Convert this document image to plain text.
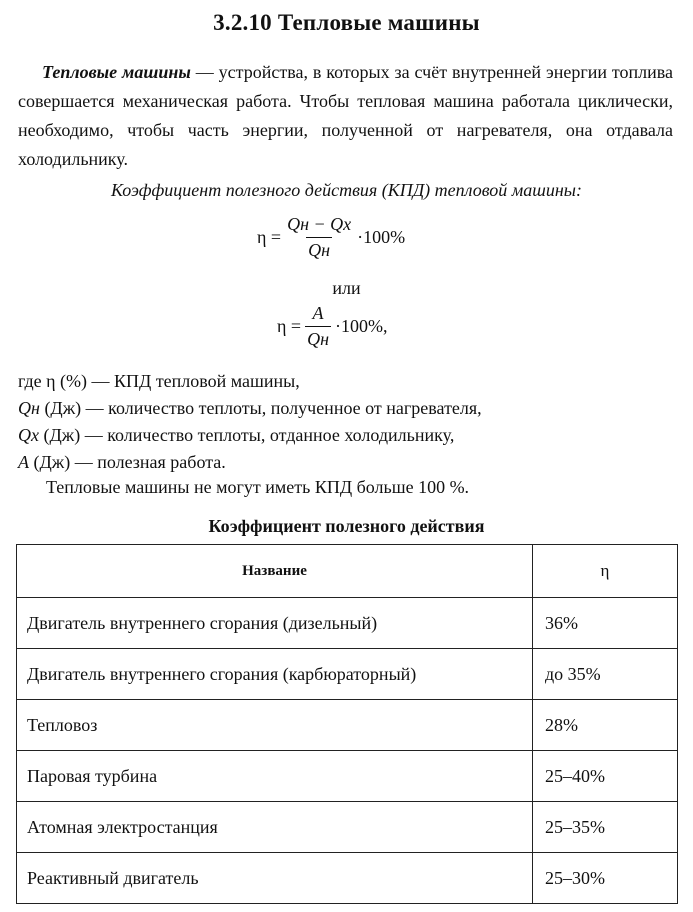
3.2.10 Тепловые машины
Тепловые машины — устройства, в которых за счёт внутренней энергии топлива совершается механическая работа. Чтобы тепловая машина работала циклически, необходимо, чтобы часть энергии, полученной от нагревателя, она отдавала холодильнику.
Коэффициент полезного действия (КПД) тепловой машины:
$\eta = \frac{Qн - Qх}{Qн} \cdot 100\%$
или
$\eta = \frac{A}{Qн} \cdot 100\%$,
где η (%) — КПД тепловой машины,
Qн (Дж) — количество теплоты, полученное от нагревателя,
Qх (Дж) — количество теплоты, отданное холодильнику,
A (Дж) — полезная работа.
Тепловые машины не могут иметь КПД больше 100 %.
Коэффициент полезного действия
Название	η
Двигатель внутреннего сгорания (дизельный)	36%
Двигатель внутреннего сгорания (карбюраторный)	до 35%
Тепловоз	28%
Паровая турбина	25–40%
Атомная электростанция	25–35%
Реактивный двигатель	25–30%
